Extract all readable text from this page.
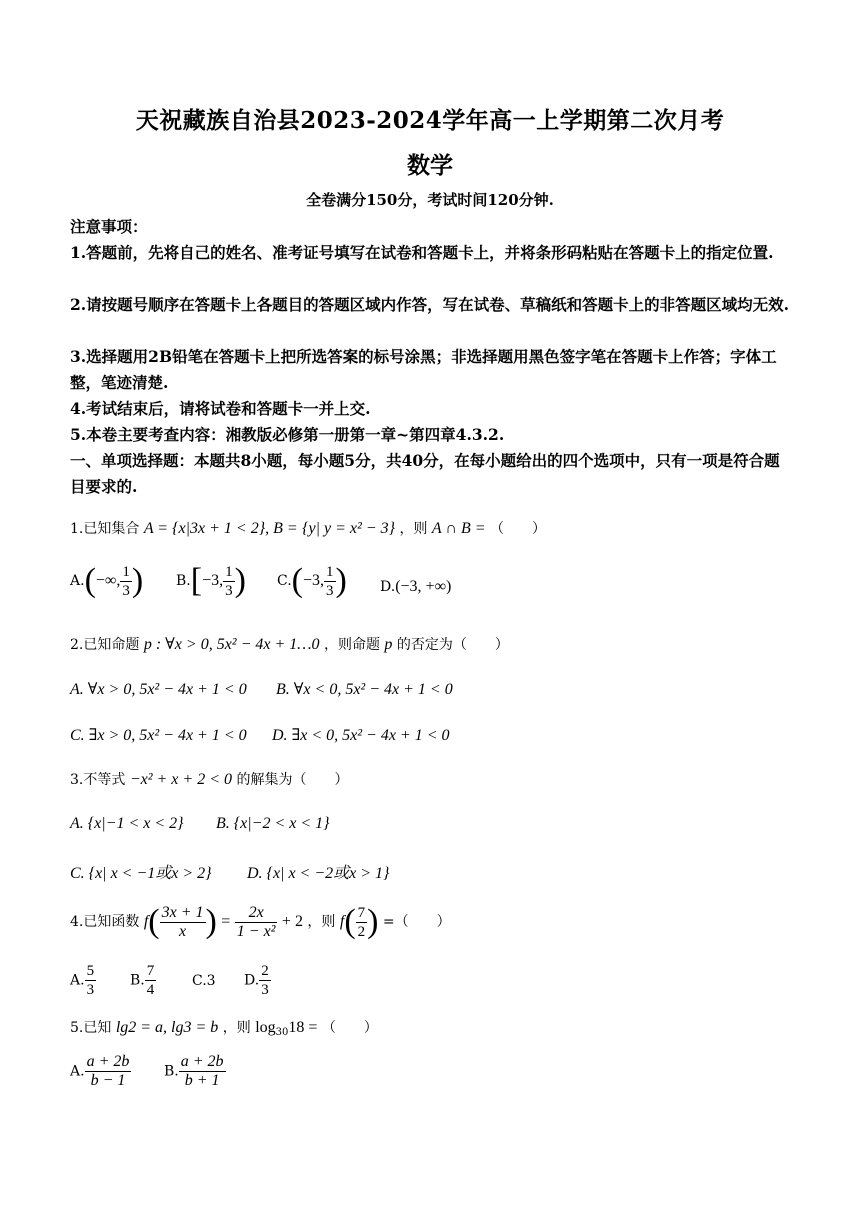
天祝藏族自治县2023-2024学年高一上学期第二次月考
数学
全卷满分150分，考试时间120分钟.
注意事项：
1.答题前，先将自己的姓名、准考证号填写在试卷和答题卡上，并将条形码粘贴在答题卡上的指定位置.
2.请按题号顺序在答题卡上各题目的答题区域内作答，写在试卷、草稿纸和答题卡上的非答题区域均无效.
3.选择题用2B铅笔在答题卡上把所选答案的标号涂黑；非选择题用黑色签字笔在答题卡上作答；字体工整，笔迹清楚.
4.考试结束后，请将试卷和答题卡一并上交.
5.本卷主要考查内容：湘教版必修第一册第一章~第四章4.3.2.
一、单项选择题：本题共8小题，每小题5分，共40分，在每小题给出的四个选项中，只有一项是符合题目要求的.
1.已知集合 A = {x|3x + 1 < 2}, B = {y| y = x² − 3} ，则 A ∩ B = （　　）
A.(−∞, $\frac{1}{3}$ ) B.[−3, $\frac{1}{3}$ ) C.(−3, $\frac{1}{3}$ ) D.(−3, +∞)
2.已知命题 p : ∀x > 0, 5x² − 4x + 1…0 ，则命题 p 的否定为（　　）
A. ∀x > 0, 5x² − 4x + 1 < 0 B. ∀x < 0, 5x² − 4x + 1 < 0
C. ∃x > 0, 5x² − 4x + 1 < 0 D. ∃x < 0, 5x² − 4x + 1 < 0
3.不等式 −x² + x + 2 < 0 的解集为（　　）
A. {x|−1 < x < 2} B. {x|−2 < x < 1}
C. {x| x < −1或x > 2} D. {x| x < −2或x > 1}
4.已知函数 $f( \frac{3x + 1}{x}$ ) = $\frac{2x}{\text{1 − x²}} + 2$ ，则 $f( \frac{7}{2}$ ) =（　　）
A. $\frac{5}{3} B$. $\frac{7}{4}$	C.3 D. $\frac{2}{3}$
5.已知 lg2 = a, lg3 = b ，则 $\log_{30}18$ = （　　）
A. $\frac{a + 2b}{b - 1} B$. $\frac{a + 2b}{b + 1}$
